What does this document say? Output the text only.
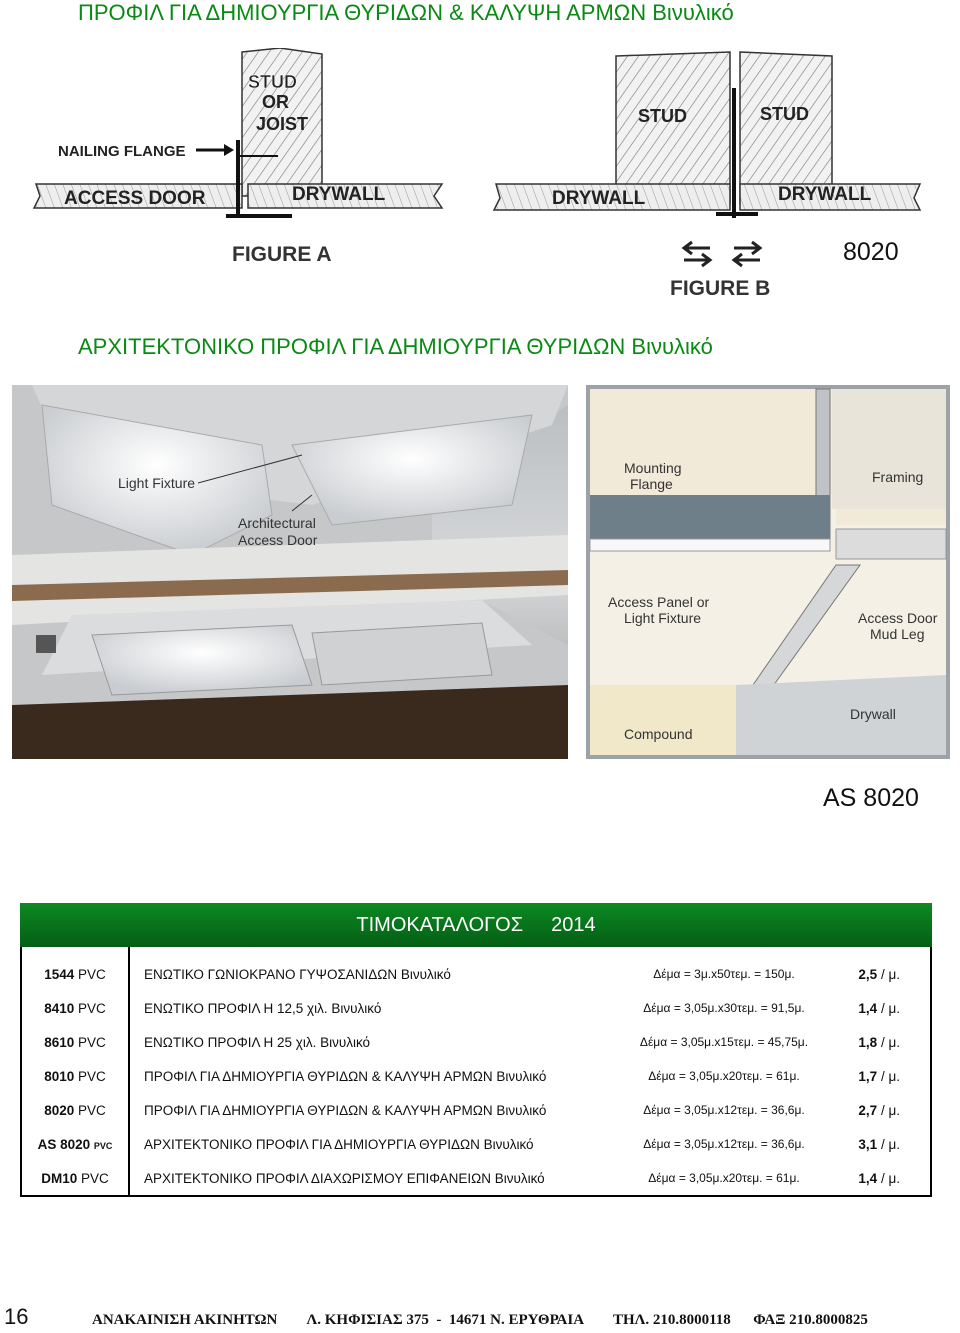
ΠΡΟΦΙΛ ΓΙΑ ΔΗΜΙΟΥΡΓΙΑ ΘΥΡΙΔΩΝ & ΚΑΛΥΨΗ ΑΡΜΩΝ Βινυλικό
STUD
OR
JOIST
NAILING FLANGE
ACCESS DOOR	DRYWALL
FIGURE A
STUD	STUD
DRYWALL	DRYWALL
FIGURE B
8020
ΑΡΧΙΤΕΚΤΟΝΙΚΟ ΠΡΟΦΙΛ ΓΙΑ ΔΗΜΙΟΥΡΓΙΑ ΘΥΡΙΔΩΝ Βινυλικό
Light Fixture
Architectural
Access Door
Mounting
Flange	Framing
Access Panel or
Light Fixture	Access Door
Mud Leg
Drywall
Compound
AS 8020
ΤΙΜΟΚΑΤΑΛΟΓΟΣ 2014
1544 PVC	ΕΝΩΤΙΚΟ ΓΩΝΙΟΚΡΑΝΟ ΓΥΨΟΣΑΝΙΔΩΝ Βινυλικό	Δέμα = 3μ.x50τεμ. = 150μ.	2,5 / μ.
8410 PVC	ΕΝΩΤΙΚΟ ΠΡΟΦΙΛ Η 12,5 χιλ. Βινυλικό	Δέμα = 3,05μ.x30τεμ. = 91,5μ.	1,4 / μ.
8610 PVC	ΕΝΩΤΙΚΟ ΠΡΟΦΙΛ Η 25 χιλ. Βινυλικό	Δέμα = 3,05μ.x15τεμ. = 45,75μ.	1,8 / μ.
8010 PVC	ΠΡΟΦΙΛ ΓΙΑ ΔΗΜΙΟΥΡΓΙΑ ΘΥΡΙΔΩΝ & ΚΑΛΥΨΗ ΑΡΜΩΝ Βινυλικό	Δέμα = 3,05μ.x20τεμ. = 61μ.	1,7 / μ.
8020 PVC	ΠΡΟΦΙΛ ΓΙΑ ΔΗΜΙΟΥΡΓΙΑ ΘΥΡΙΔΩΝ & ΚΑΛΥΨΗ ΑΡΜΩΝ Βινυλικό	Δέμα = 3,05μ.x12τεμ. = 36,6μ.	2,7 / μ.
AS 8020 PVC	ΑΡΧΙΤΕΚΤΟΝΙΚΟ ΠΡΟΦΙΛ ΓΙΑ ΔΗΜΙΟΥΡΓΙΑ ΘΥΡΙΔΩΝ Βινυλικό	Δέμα = 3,05μ.x12τεμ. = 36,6μ.	3,1 / μ.
DM10 PVC	ΑΡΧΙΤΕΚΤΟΝΙΚΟ ΠΡΟΦΙΛ ΔΙΑΧΩΡΙΣΜΟΥ ΕΠΙΦΑΝΕΙΩΝ Βινυλικό	Δέμα = 3,05μ.x20τεμ. = 61μ.	1,4 / μ.
16	ΑΝΑΚΑΙΝΙΣΗ ΑΚΙΝΗΤΩΝ        Λ. ΚΗΦΙΣΙΑΣ 375  -  14671 Ν. ΕΡΥΘΡΑΙΑ        ΤΗΛ. 210.8000118      ΦΑΞ 210.8000825
